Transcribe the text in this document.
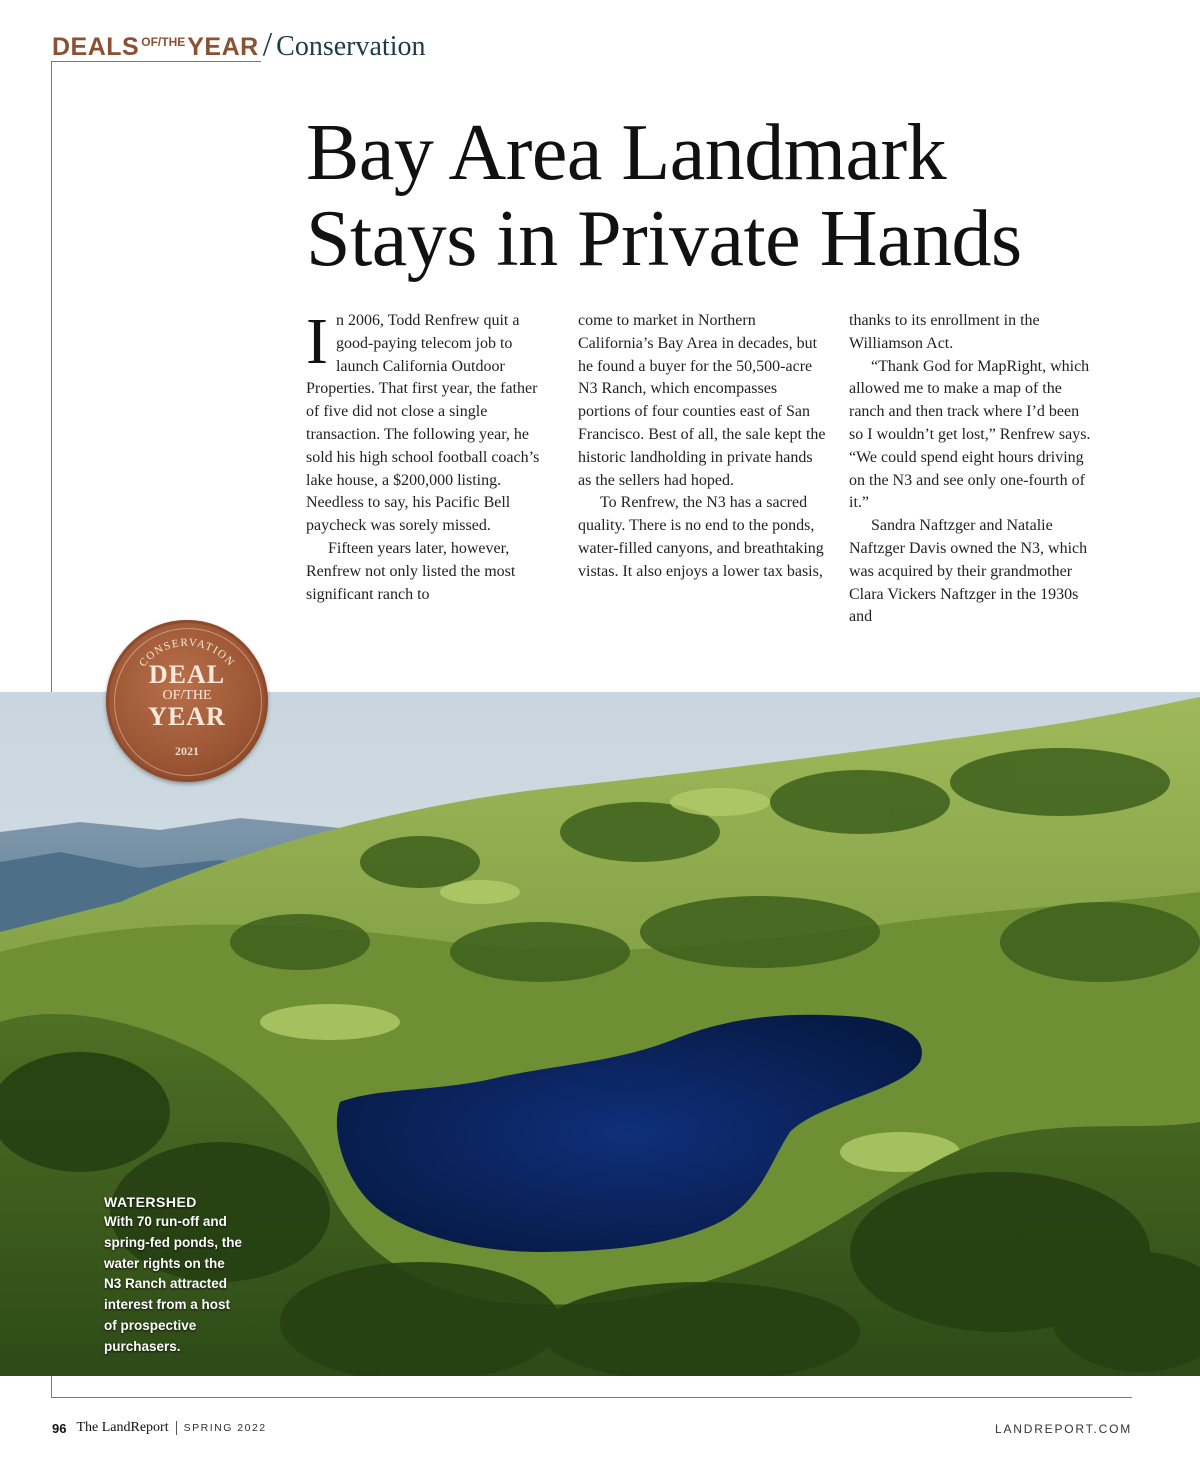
DEALS OF/THE YEAR / Conservation
Bay Area Landmark
Stays in Private Hands

In 2006, Todd Renfrew quit a good-paying telecom job to launch California Outdoor Properties. That first year, the father of five did not close a single transaction. The following year, he sold his high school football coach’s lake house, a $200,000 listing. Needless to say, his Pacific Bell paycheck was sorely missed.

Fifteen years later, however, Renfrew not only listed the most significant ranch to

come to market in Northern California’s Bay Area in decades, but he found a buyer for the 50,500-acre N3 Ranch, which encompasses portions of four counties east of San Francisco. Best of all, the sale kept the historic landholding in private hands as the sellers had hoped.

To Renfrew, the N3 has a sacred quality. There is no end to the ponds, water-filled canyons, and breathtaking vistas. It also enjoys a lower tax basis,

thanks to its enrollment in the Williamson Act.

“Thank God for MapRight, which allowed me to make a map of the ranch and then track where I’d been so I wouldn’t get lost,” Renfrew says. “We could spend eight hours driving on the N3 and see only one-fourth of it.”

Sandra Naftzger and Natalie Naftzger Davis owned the N3, which was acquired by their grandmother Clara Vickers Naftzger in the 1930s and

CONSERVATION
DEAL
OF/THE
YEAR
2021
WATERSHED
With 70 run-off and spring-fed ponds, the water rights on the N3 Ranch attracted interest from a host of prospective purchasers.
96 The LandReport SPRING 2022	LANDREPORT.COM
